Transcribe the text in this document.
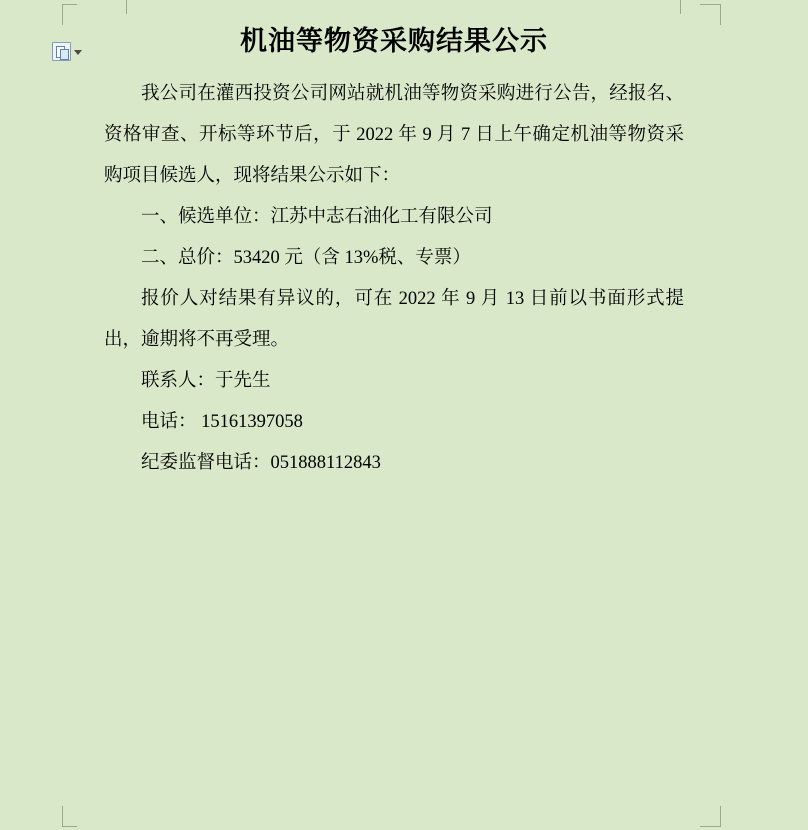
机油等物资采购结果公示

我公司在灌西投资公司网站就机油等物资采购进行公告，经报名、资格审查、开标等环节后，于 2022 年 9 月 7 日上午确定机油等物资采购项目候选人，现将结果公示如下：

一、候选单位：江苏中志石油化工有限公司

二、总价：53420 元（含 13%税、专票）

报价人对结果有异议的，可在 2022 年 9 月 13 日前以书面形式提出，逾期将不再受理。

联系人：于先生

电话： 15161397058

纪委监督电话：051888112843
